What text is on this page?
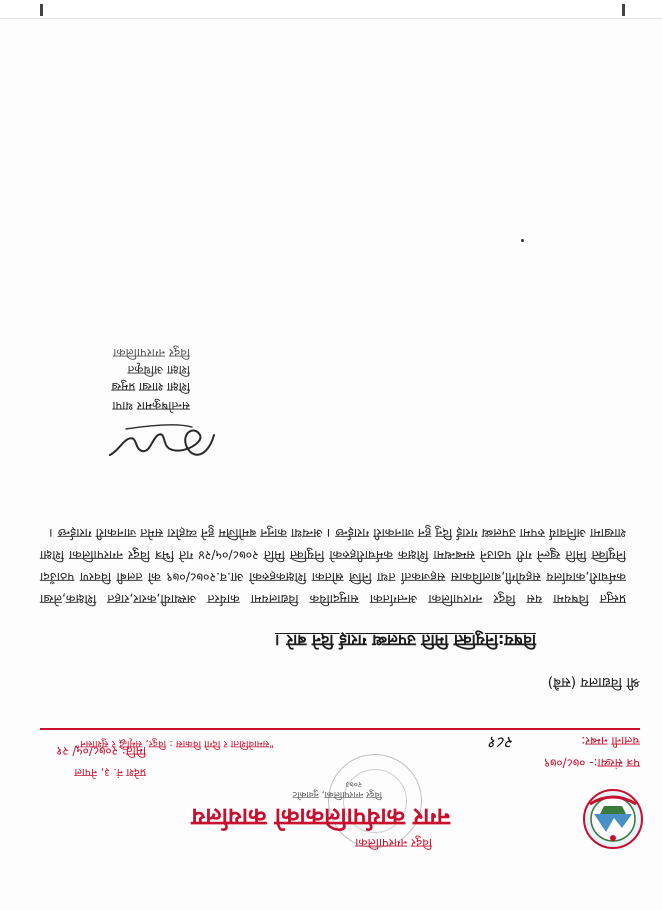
विदुर नगरपालिका
नगर कार्यपालिकाको कार्यालय
विदुर नगरपालिका, नुवाकोट
२०७३
प्रदेश नं. ३, नेपाल
मिति: २०७८/०५/ २१
पत्र संख्या:- ०७८/०७९
चलानी नम्बर:
२८१
"समावेशिता र दिगो विकास : विदुर, समृद्धि र सुशासन"
श्री विद्यालय (सबै)
विषय:नियुक्ति मिति उपलब्ध गराई दिने बारे ।
प्रस्तुत विषयमा यस विदुर नगरपालिका अन्तर्गतका सामुदायिक विद्यालयमा कार्यरत अस्थायी,करार,राहत शिक्षक,लेखा कर्मचारी,कार्यालय सहयोगी,बालविकास सहजकर्ता तथा निजि स्रोतका शिक्षकहरुको आ.व.२०७८/०७९ को तलबी विवरण पठाउँदा नियुक्ति मिति खुल्ने गरी पठाउने सम्बन्धमा शिक्षक कर्मचारीहरुको नियुक्ति मिति २०७८/०५/२४ गते भित्र विदुर नगरपालिका शिक्षा शाखामा अनिवार्य रुपमा उपलब्ध गराई दिनु हुन जानकारी गराईन्छ । अन्यथा कानुन बमोजिम हुने व्यहोरा समेत जानकारी गराईन्छ ।
सन्तोषकुमार थापा
शिक्षा शाखा प्रमुख
शिक्षा अधिकृत
विदुर नगरपालिका
